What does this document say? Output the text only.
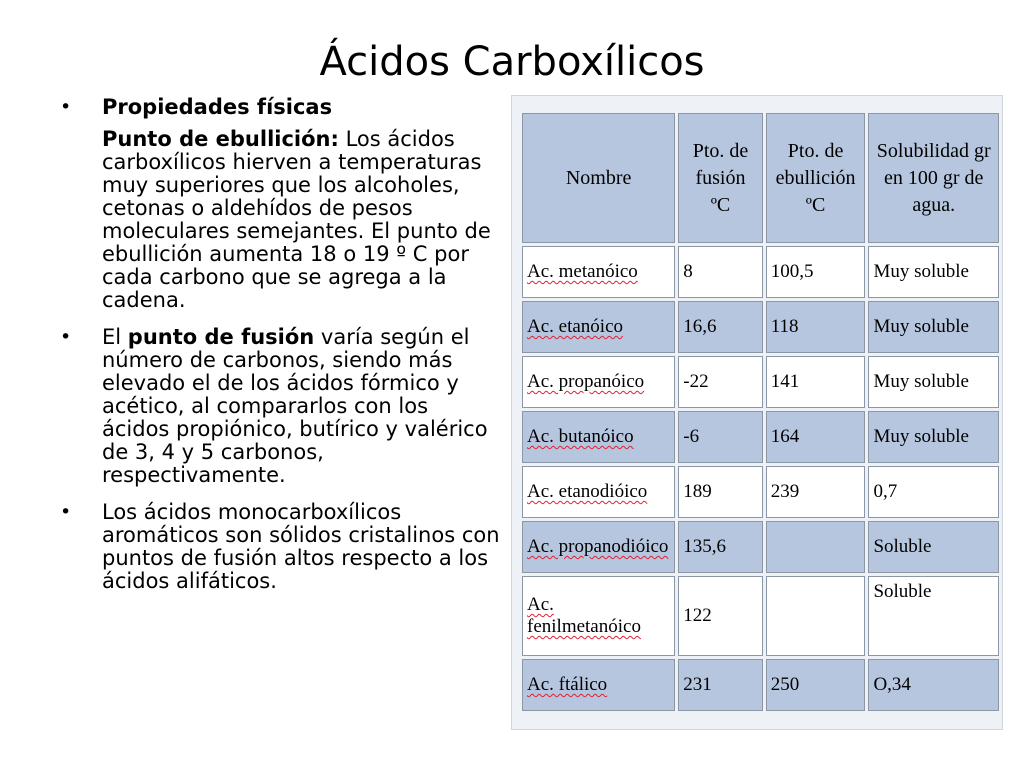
Ácidos Carboxílicos
•	Propiedades físicas
Punto de ebullición: Los ácidos carboxílicos hierven a temperaturas muy superiores que los alcoholes, cetonas o aldehídos de pesos moleculares semejantes. El punto de ebullición aumenta 18 o 19 º C por cada carbono que se agrega a la cadena.
•	El punto de fusión varía según el número de carbonos, siendo más elevado el de los ácidos fórmico y acético, al compararlos con los ácidos propiónico, butírico y valérico de 3, 4 y 5 carbonos, respectivamente.
•	Los ácidos monocarboxílicos aromáticos son sólidos cristalinos con puntos de fusión altos respecto a los ácidos alifáticos.
Nombre	Pto. de fusión ºC	Pto. de ebullición ºC	Solubilidad gr en 100 gr de agua.
Ac. metanóico	8	100,5	Muy soluble
Ac. etanóico	16,6	118	Muy soluble
Ac. propanóico	-22	141	Muy soluble
Ac. butanóico	-6	164	Muy soluble
Ac. etanodióico	189	239	0,7
Ac. propanodióico	135,6		Soluble
Ac. fenilmetanóico	122		Soluble
Ac. ftálico	231	250	O,34
